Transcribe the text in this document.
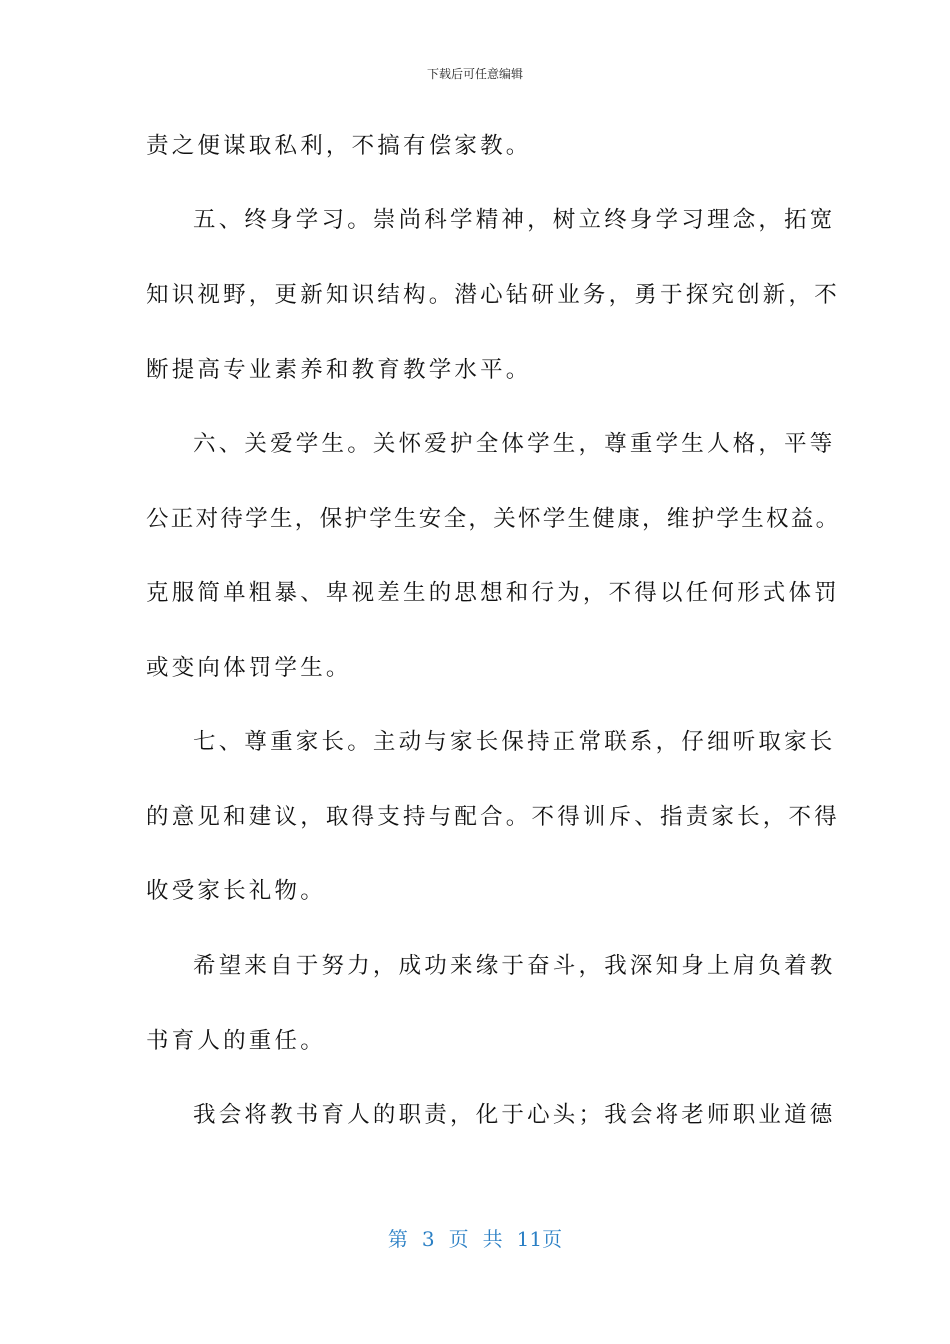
下载后可任意编辑
责之便谋取私利，不搞有偿家教。
五、终身学习。崇尚科学精神，树立终身学习理念，拓宽
知识视野，更新知识结构。潜心钻研业务，勇于探究创新，不
断提高专业素养和教育教学水平。
六、关爱学生。关怀爱护全体学生，尊重学生人格，平等
公正对待学生，保护学生安全，关怀学生健康，维护学生权益。
克服简单粗暴、卑视差生的思想和行为，不得以任何形式体罚
或变向体罚学生。
七、尊重家长。主动与家长保持正常联系，仔细听取家长
的意见和建议，取得支持与配合。不得训斥、指责家长，不得
收受家长礼物。
希望来自于努力，成功来缘于奋斗，我深知身上肩负着教
书育人的重任。
我会将教书育人的职责，化于心头；我会将老师职业道德
第 3 页 共 11页
